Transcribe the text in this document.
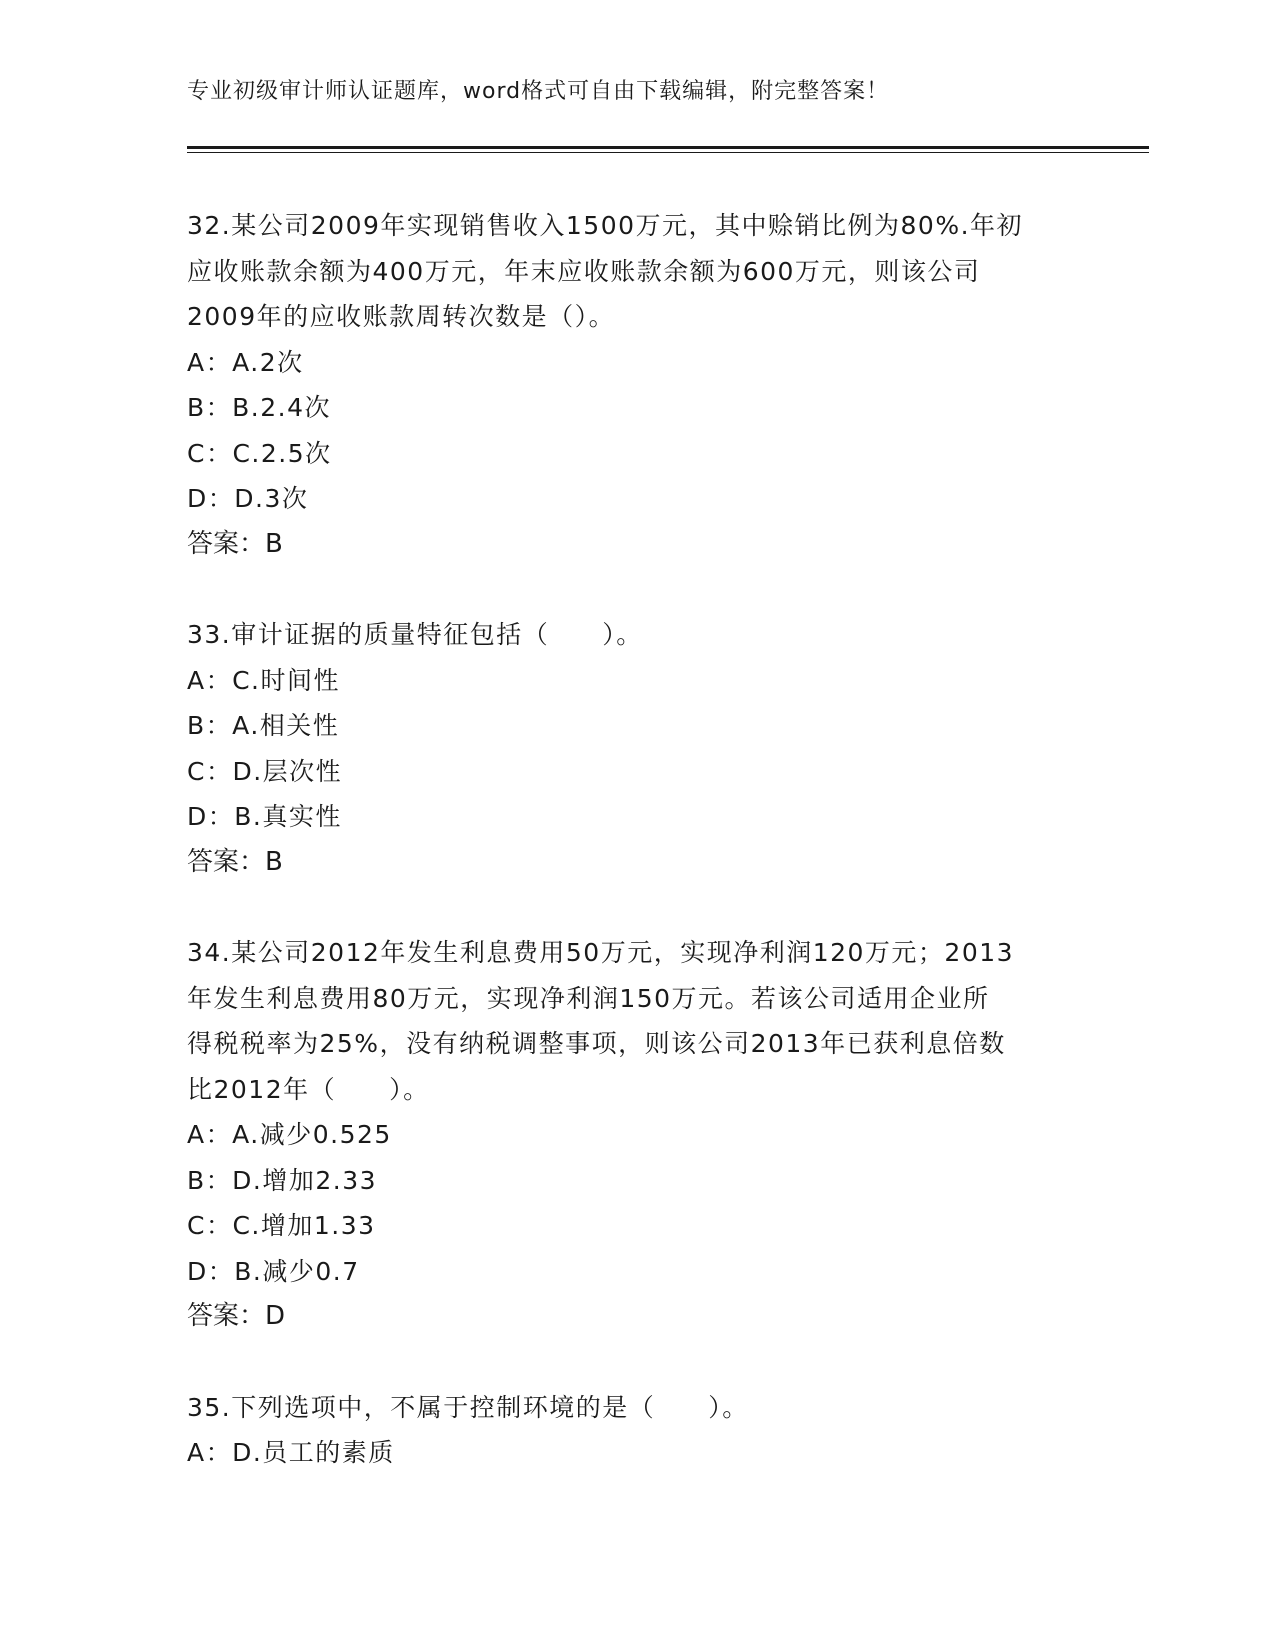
专业初级审计师认证题库，word格式可自由下载编辑，附完整答案！
32.某公司2009年实现销售收入1500万元，其中赊销比例为80%.年初
应收账款余额为400万元，年末应收账款余额为600万元，则该公司
2009年的应收账款周转次数是（）。
A：A.2次
B：B.2.4次
C：C.2.5次
D：D.3次
答案：B
33.审计证据的质量特征包括（　　）。
A：C.时间性
B：A.相关性
C：D.层次性
D：B.真实性
答案：B
34.某公司2012年发生利息费用50万元，实现净利润120万元；2013
年发生利息费用80万元，实现净利润150万元。若该公司适用企业所
得税税率为25%，没有纳税调整事项，则该公司2013年已获利息倍数
比2012年（　　）。
A：A.减少0.525
B：D.增加2.33
C：C.增加1.33
D：B.减少0.7
答案：D
35.下列选项中，不属于控制环境的是（　　）。
A：D.员工的素质
